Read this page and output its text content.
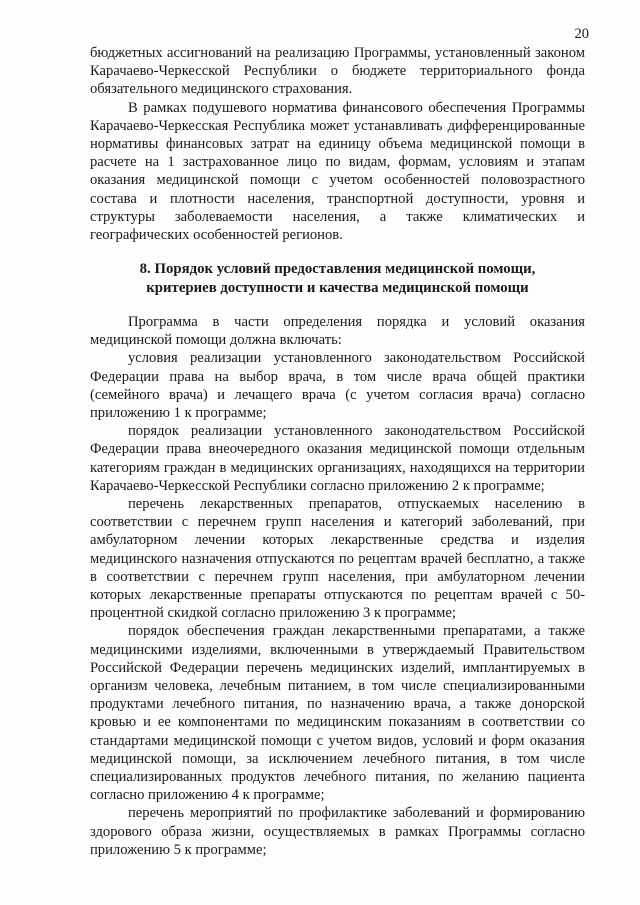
20

бюджетных ассигнований на реализацию Программы, установленный законом Карачаево-Черкесской Республики о бюджете территориального фонда обязательного медицинского страхования.

В рамках подушевого норматива финансового обеспечения Программы Карачаево-Черкесская Республика может устанавливать дифференцированные нормативы финансовых затрат на единицу объема медицинской помощи в расчете на 1 застрахованное лицо по видам, формам, условиям и этапам оказания медицинской помощи с учетом особенностей половозрастного состава и плотности населения, транспортной доступности, уровня и структуры заболеваемости населения, а также климатических и географических особенностей регионов.

8. Порядок условий предоставления медицинской помощи,
критериев доступности и качества медицинской помощи

Программа в части определения порядка и условий оказания медицинской помощи должна включать:

условия реализации установленного законодательством Российской Федерации права на выбор врача, в том числе врача общей практики (семейного врача) и лечащего врача (с учетом согласия врача) согласно приложению 1 к программе;

порядок реализации установленного законодательством Российской Федерации права внеочередного оказания медицинской помощи отдельным категориям граждан в медицинских организациях, находящихся на территории Карачаево-Черкесской Республики согласно приложению 2 к программе;

перечень лекарственных препаратов, отпускаемых населению в соответствии с перечнем групп населения и категорий заболеваний, при амбулаторном лечении которых лекарственные средства и изделия медицинского назначения отпускаются по рецептам врачей бесплатно, а также в соответствии с перечнем групп населения, при амбулаторном лечении которых лекарственные препараты отпускаются по рецептам врачей с 50-процентной скидкой согласно приложению 3 к программе;

порядок обеспечения граждан лекарственными препаратами, а также медицинскими изделиями, включенными в утверждаемый Правительством Российской Федерации перечень медицинских изделий, имплантируемых в организм человека, лечебным питанием, в том числе специализированными продуктами лечебного питания, по назначению врача, а также донорской кровью и ее компонентами по медицинским показаниям в соответствии со стандартами медицинской помощи с учетом видов, условий и форм оказания медицинской помощи, за исключением лечебного питания, в том числе специализированных продуктов лечебного питания, по желанию пациента согласно приложению 4 к программе;

перечень мероприятий по профилактике заболеваний и формированию здорового образа жизни, осуществляемых в рамках Программы согласно приложению 5 к программе;
